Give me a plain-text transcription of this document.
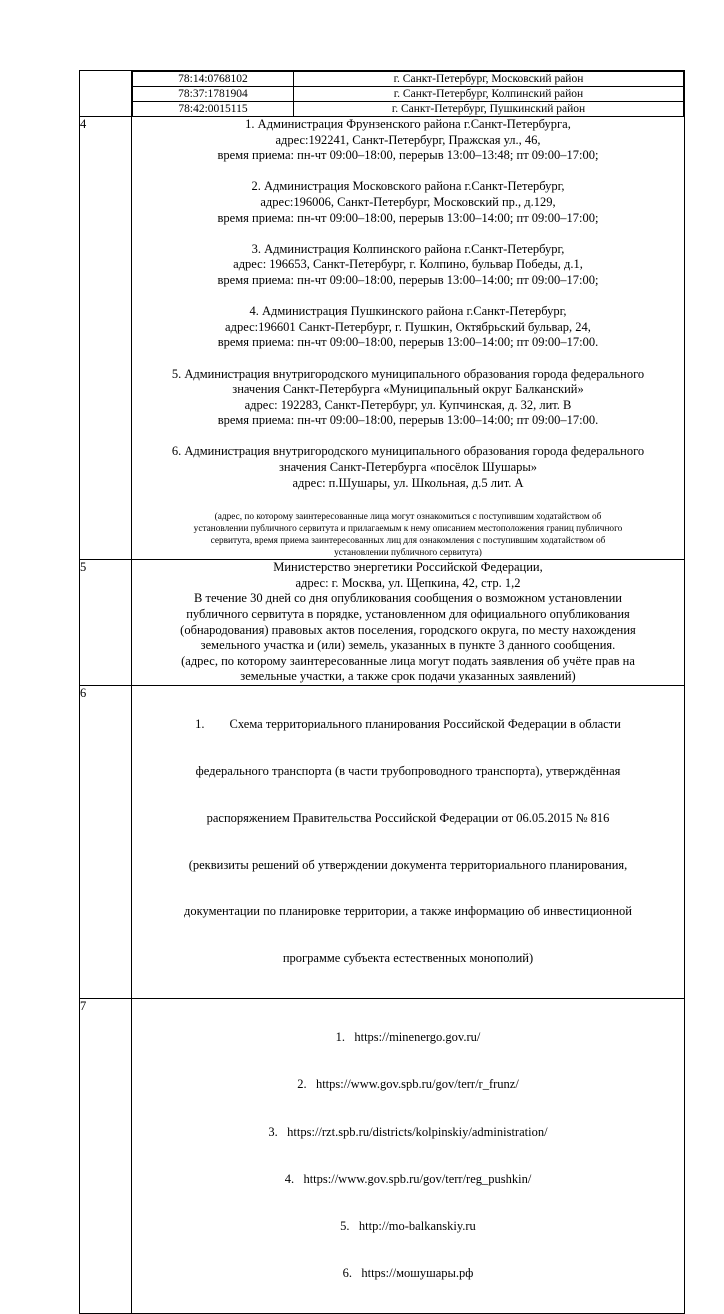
78:14:0768102	г. Санкт-Петербург, Московский район
78:37:1781904	г. Санкт-Петербург, Колпинский район
78:42:0015115	г. Санкт-Петербург, Пушкинский район

4	1. Администрация Фрунзенского района г.Санкт-Петербурга,
адрес:192241, Санкт-Петербург, Пражская ул., 46,
время приема: пн-чт 09:00–18:00, перерыв 13:00–13:48; пт 09:00–17:00;
2. Администрация Московского района г.Санкт-Петербург,
адрес:196006, Санкт-Петербург, Московский пр., д.129,
время приема: пн-чт 09:00–18:00, перерыв 13:00–14:00; пт 09:00–17:00;
3. Администрация Колпинского района г.Санкт-Петербург,
адрес: 196653, Санкт-Петербург, г. Колпино, бульвар Победы, д.1,
время приема: пн-чт 09:00–18:00, перерыв 13:00–14:00; пт 09:00–17:00;
4. Администрация Пушкинского района г.Санкт-Петербург,
адрес:196601 Санкт-Петербург, г. Пушкин, Октябрьский бульвар, 24,
время приема: пн-чт 09:00–18:00, перерыв 13:00–14:00; пт 09:00–17:00.
5. Администрация внутригородского муниципального образования города федерального
значения Санкт-Петербурга «Муниципальный округ Балканский»
адрес: 192283, Санкт-Петербург, ул. Купчинская, д. 32, лит. В
время приема: пн-чт 09:00–18:00, перерыв 13:00–14:00; пт 09:00–17:00.
6. Администрация внутригородского муниципального образования города федерального
значения Санкт-Петербурга «посёлок Шушары»
адрес: п.Шушары, ул. Школьная, д.5 лит. А
(адрес, по которому заинтересованные лица могут ознакомиться с поступившим ходатайством об
установлении публичного сервитута и прилагаемым к нему описанием местоположения границ публичного
сервитута, время приема заинтересованных лиц для ознакомления с поступившим ходатайством об
установлении публичного сервитута)

5	Министерство энергетики Российской Федерации,
адрес: г. Москва, ул. Щепкина, 42, стр. 1,2
В течение 30 дней со дня опубликования сообщения о возможном установлении
публичного сервитута в порядке, установленном для официального опубликования
(обнародования) правовых актов поселения, городского округа, по месту нахождения
земельного участка и (или) земель, указанных в пункте 3 данного сообщения.
(адрес, по которому заинтересованные лица могут подать заявления об учёте прав на
земельные участки, а также срок подачи указанных заявлений)

6	

1.        Схема территориального планирования Российской Федерации в области

федерального транспорта (в части трубопроводного транспорта), утверждённая

распоряжением Правительства Российской Федерации от 06.05.2015 № 816

(реквизиты решений об утверждении документа территориального планирования,

документации по планировке территории, а также информацию об инвестиционной

программе субъекта естественных монополий)

7	

1.   https://minenergo.gov.ru/

2.   https://www.gov.spb.ru/gov/terr/r_frunz/

3.   https://rzt.spb.ru/districts/kolpinskiy/administration/

4.   https://www.gov.spb.ru/gov/terr/reg_pushkin/

5.   http://mo-balkanskiy.ru

6.   https://мошушары.рф
